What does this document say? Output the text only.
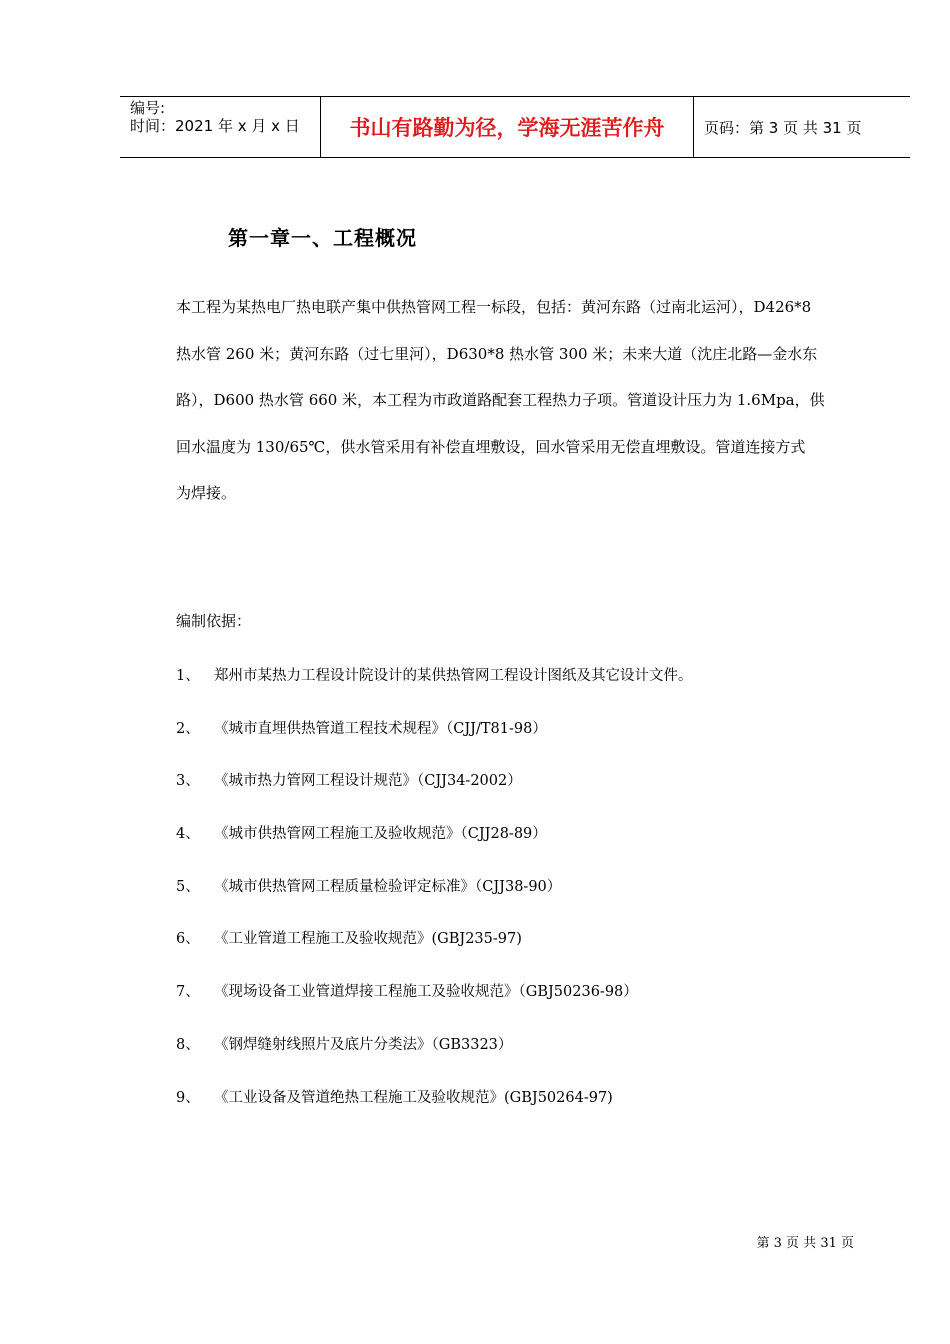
编号:
时间：2021 年 x 月 x 日	书山有路勤为径，学海无涯苦作舟	页码：第 3 页 共 31 页
第一章一、工程概况
本工程为某热电厂热电联产集中供热管网工程一标段，包括：黄河东路（过南北运河），D426*8
热水管 260 米；黄河东路（过七里河），D630*8 热水管 300 米；未来大道（沈庄北路—金水东
路），D600 热水管 660 米，本工程为市政道路配套工程热力子项。管道设计压力为 1.6Mpa，供
回水温度为 130/65℃，供水管采用有补偿直埋敷设，回水管采用无偿直埋敷设。管道连接方式
为焊接。
编制依据：
1、 郑州市某热力工程设计院设计的某供热管网工程设计图纸及其它设计文件。
2、 《城市直埋供热管道工程技术规程》（CJJ/T81-98）
3、 《城市热力管网工程设计规范》（CJJ34-2002）
4、 《城市供热管网工程施工及验收规范》（CJJ28-89）
5、 《城市供热管网工程质量检验评定标准》（CJJ38-90）
6、 《工业管道工程施工及验收规范》(GBJ235-97)
7、 《现场设备工业管道焊接工程施工及验收规范》（GBJ50236-98）
8、 《钢焊缝射线照片及底片分类法》（GB3323）
9、 《工业设备及管道绝热工程施工及验收规范》(GBJ50264-97)
第 3 页 共 31 页
